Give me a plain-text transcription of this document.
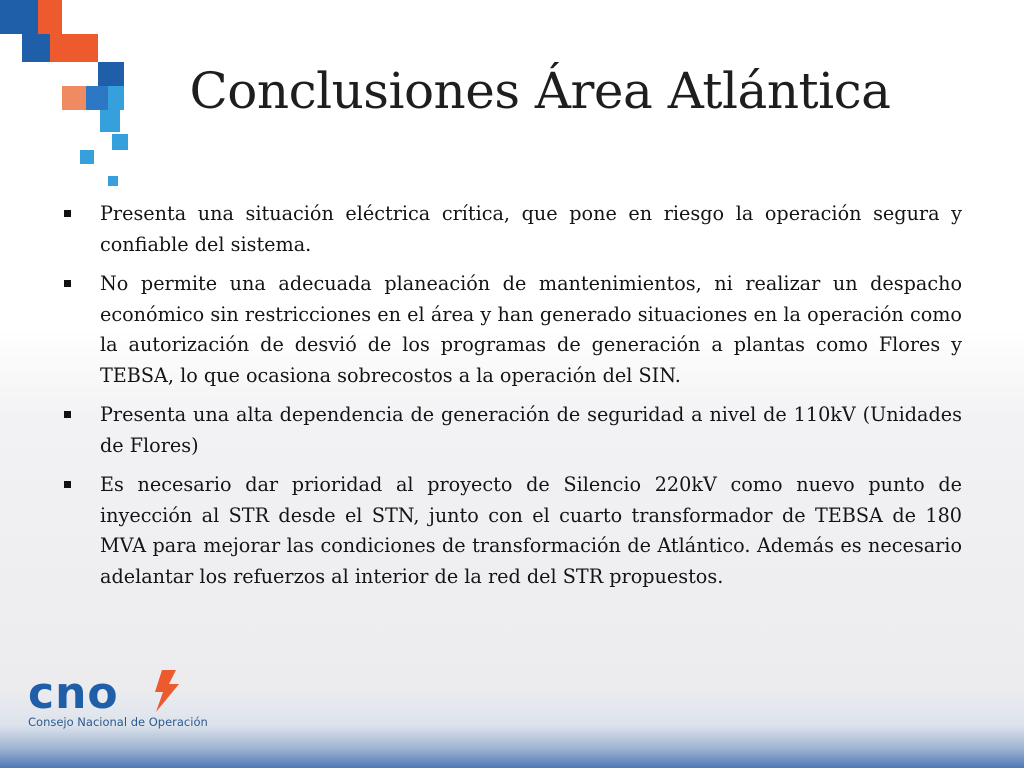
Conclusiones Área Atlántica
Presenta una situación eléctrica crítica, que pone en riesgo la operación segura y confiable del sistema.
No permite una adecuada planeación de mantenimientos, ni realizar un despacho económico sin restricciones en el área y han generado situaciones en la operación como la autorización de desvió de los programas de generación a plantas como Flores y TEBSA, lo que ocasiona sobrecostos a la operación del SIN.
Presenta una alta dependencia de generación de seguridad a nivel de 110kV (Unidades de Flores)
Es necesario dar prioridad al proyecto de Silencio 220kV como nuevo punto de inyección al STR desde el STN, junto con el cuarto transformador de TEBSA de 180 MVA para mejorar las condiciones de transformación de Atlántico. Además es necesario adelantar los refuerzos al interior de la red del STR propuestos.
cno
Consejo Nacional de Operación
